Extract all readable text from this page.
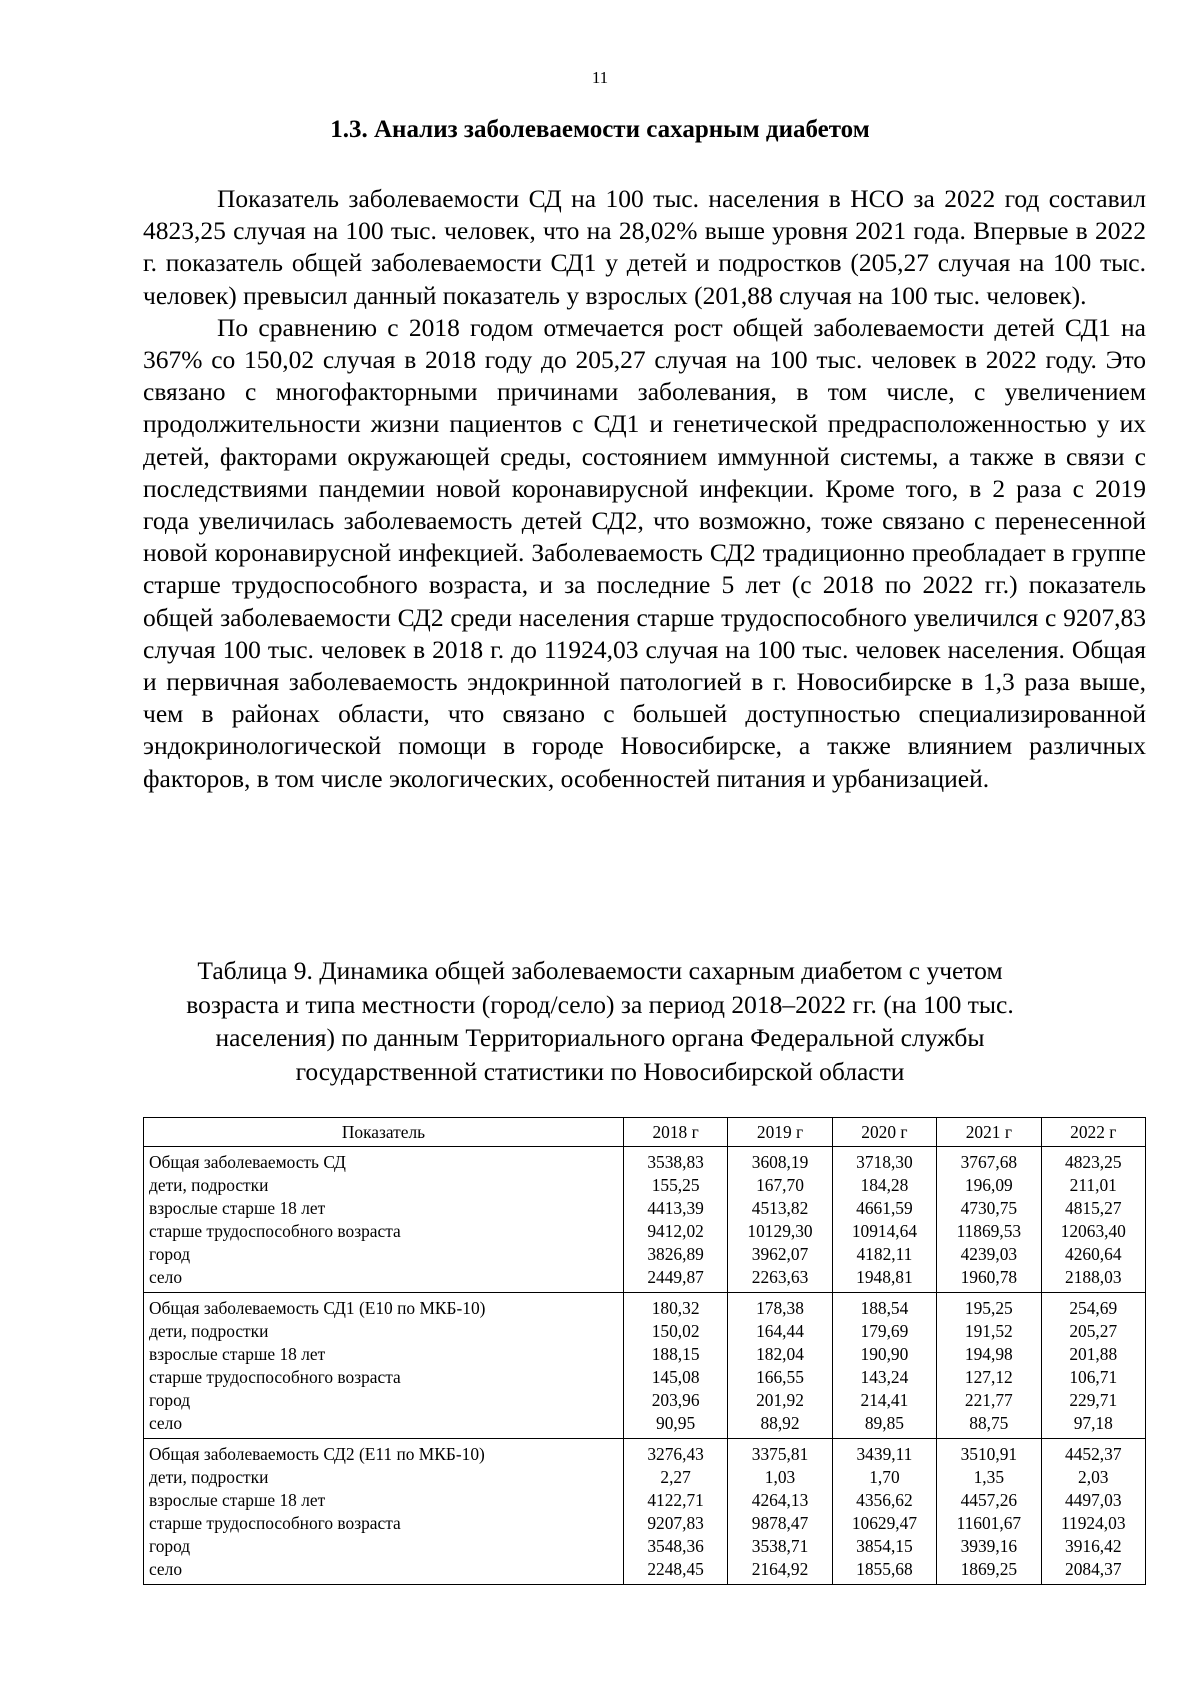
11
1.3. Анализ заболеваемости сахарным диабетом

Показатель заболеваемости СД на 100 тыс. населения в НСО за 2022 год составил 4823,25 случая на 100 тыс. человек, что на 28,02% выше уровня 2021 года. Впервые в 2022 г. показатель общей заболеваемости СД1 у детей и подростков (205,27 случая на 100 тыс. человек) превысил данный показатель у взрослых (201,88 случая на 100 тыс. человек).

По сравнению с 2018 годом отмечается рост общей заболеваемости детей СД1 на 367% со 150,02 случая в 2018 году до 205,27 случая на 100 тыс. человек в 2022 году. Это связано с многофакторными причинами заболевания, в том числе, с увеличением продолжительности жизни пациентов с СД1 и генетической предрасположенностью у их детей, факторами окружающей среды, состоянием иммунной системы, а также в связи с последствиями пандемии новой коронавирусной инфекции. Кроме того, в 2 раза с 2019 года увеличилась заболеваемость детей СД2, что возможно, тоже связано с перенесенной новой коронавирусной инфекцией. Заболеваемость СД2 традиционно преобладает в группе старше трудоспособного возраста, и за последние 5 лет (с 2018 по 2022 гг.) показатель общей заболеваемости СД2 среди населения старше трудоспособного увеличился с 9207,83 случая 100 тыс. человек в 2018 г. до 11924,03 случая на 100 тыс. человек населения. Общая и первичная заболеваемость эндокринной патологией в г. Новосибирске в 1,3 раза выше, чем в районах области, что связано с большей доступностью специализированной эндокринологической помощи в городе Новосибирске, а также влиянием различных факторов, в том числе экологических, особенностей питания и урбанизацией.

Таблица 9. Динамика общей заболеваемости сахарным диабетом с учетом
возраста и типа местности (город/село) за период 2018–2022 гг. (на 100 тыс.
населения) по данным Территориального органа Федеральной службы
государственной статистики по Новосибирской области
Показатель	2018 г	2019 г	2020 г	2021 г	2022 г
Общая заболеваемость СД	3538,83	3608,19	3718,30	3767,68	4823,25
дети, подростки	155,25	167,70	184,28	196,09	211,01
взрослые старше 18 лет	4413,39	4513,82	4661,59	4730,75	4815,27
старше трудоспособного возраста	9412,02	10129,30	10914,64	11869,53	12063,40
город	3826,89	3962,07	4182,11	4239,03	4260,64
село	2449,87	2263,63	1948,81	1960,78	2188,03
Общая заболеваемость СД1 (Е10 по МКБ-10)	180,32	178,38	188,54	195,25	254,69
дети, подростки	150,02	164,44	179,69	191,52	205,27
взрослые старше 18 лет	188,15	182,04	190,90	194,98	201,88
старше трудоспособного возраста	145,08	166,55	143,24	127,12	106,71
город	203,96	201,92	214,41	221,77	229,71
село	90,95	88,92	89,85	88,75	97,18
Общая заболеваемость СД2 (Е11 по МКБ-10)	3276,43	3375,81	3439,11	3510,91	4452,37
дети, подростки	2,27	1,03	1,70	1,35	2,03
взрослые старше 18 лет	4122,71	4264,13	4356,62	4457,26	4497,03
старше трудоспособного возраста	9207,83	9878,47	10629,47	11601,67	11924,03
город	3548,36	3538,71	3854,15	3939,16	3916,42
село	2248,45	2164,92	1855,68	1869,25	2084,37
